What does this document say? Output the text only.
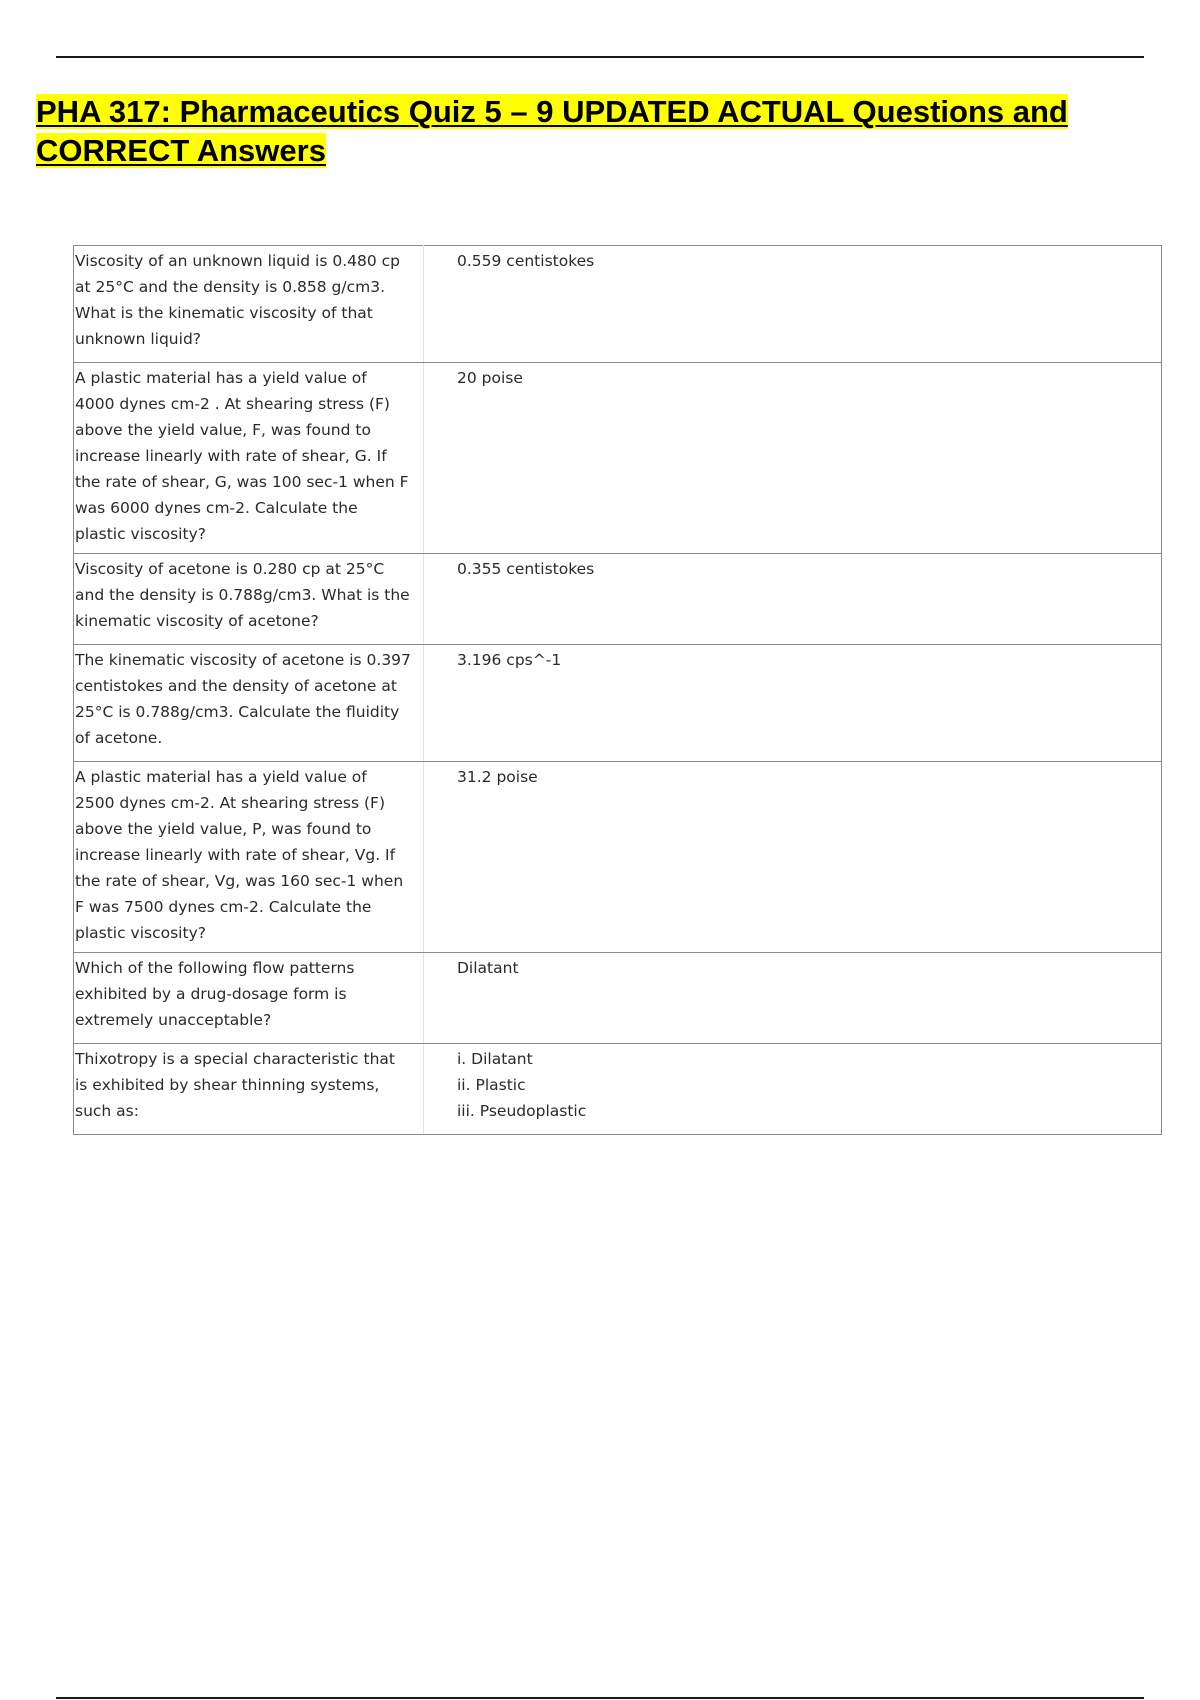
PHA 317: Pharmaceutics Quiz 5 – 9 UPDATED ACTUAL Questions and CORRECT Answers
Viscosity of an unknown liquid is 0.480 cp at 25°C and the density is 0.858 g/cm3. What is the kinematic viscosity of that unknown liquid?	0.559 centistokes
A plastic material has a yield value of 4000 dynes cm-2 . At shearing stress (F) above the yield value, F, was found to increase linearly with rate of shear, G. If the rate of shear, G, was 100 sec-1 when F was 6000 dynes cm-2. Calculate the plastic viscosity?	20 poise
Viscosity of acetone is 0.280 cp at 25°C and the density is 0.788g/cm3. What is the kinematic viscosity of acetone?	0.355 centistokes
The kinematic viscosity of acetone is 0.397 centistokes and the density of acetone at 25°C is 0.788g/cm3. Calculate the fluidity of acetone.	3.196 cps^-1
A plastic material has a yield value of 2500 dynes cm-2. At shearing stress (F) above the yield value, P, was found to increase linearly with rate of shear, Vg. If the rate of shear, Vg, was 160 sec-1 when F was 7500 dynes cm-2. Calculate the plastic viscosity?	31.2 poise
Which of the following flow patterns exhibited by a drug-dosage form is extremely unacceptable?	Dilatant
Thixotropy is a special characteristic that is exhibited by shear thinning systems, such as:	i. Dilatant
ii. Plastic
iii. Pseudoplastic
